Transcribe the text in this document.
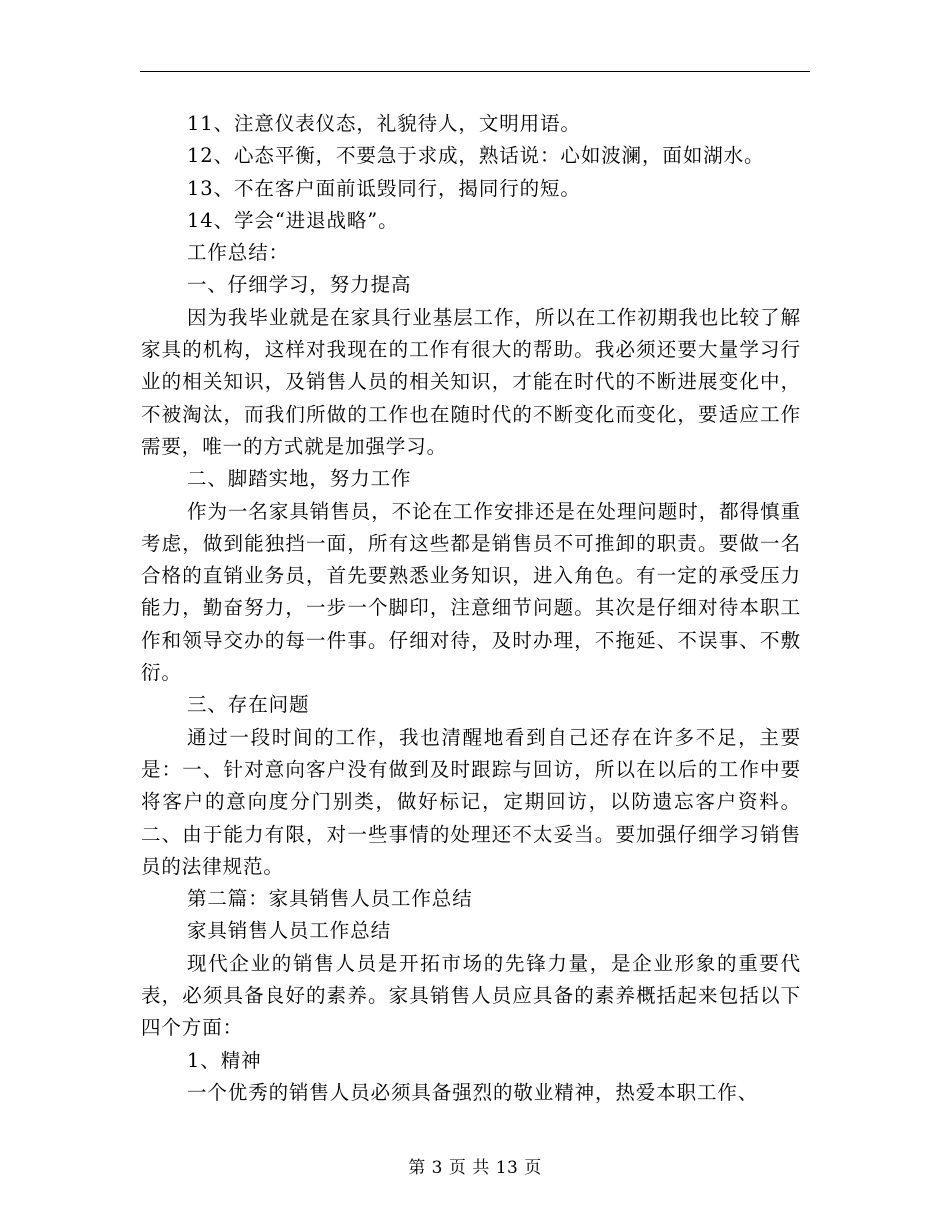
11、注意仪表仪态，礼貌待人，文明用语。

12、心态平衡，不要急于求成，熟话说：心如波澜，面如湖水。

13、不在客户面前诋毁同行，揭同行的短。

14、学会“进退战略”。

工作总结：

一、仔细学习，努力提高

因为我毕业就是在家具行业基层工作，所以在工作初期我也比较了解家具的机构，这样对我现在的工作有很大的帮助。我必须还要大量学习行业的相关知识，及销售人员的相关知识，才能在时代的不断进展变化中，不被淘汰，而我们所做的工作也在随时代的不断变化而变化，要适应工作需要，唯一的方式就是加强学习。

二、脚踏实地，努力工作

作为一名家具销售员，不论在工作安排还是在处理问题时，都得慎重考虑，做到能独挡一面，所有这些都是销售员不可推卸的职责。要做一名合格的直销业务员，首先要熟悉业务知识，进入角色。有一定的承受压力能力，勤奋努力，一步一个脚印，注意细节问题。其次是仔细对待本职工作和领导交办的每一件事。仔细对待，及时办理，不拖延、不误事、不敷衍。

三、存在问题

通过一段时间的工作，我也清醒地看到自己还存在许多不足，主要是：一、针对意向客户没有做到及时跟踪与回访，所以在以后的工作中要将客户的意向度分门别类，做好标记，定期回访，以防遗忘客户资料。二、由于能力有限，对一些事情的处理还不太妥当。要加强仔细学习销售员的法律规范。

第二篇：家具销售人员工作总结

家具销售人员工作总结

现代企业的销售人员是开拓市场的先锋力量，是企业形象的重要代表，必须具备良好的素养。家具销售人员应具备的素养概括起来包括以下四个方面：

1、精神

一个优秀的销售人员必须具备强烈的敬业精神，热爱本职工作、

第 3 页 共 13 页
